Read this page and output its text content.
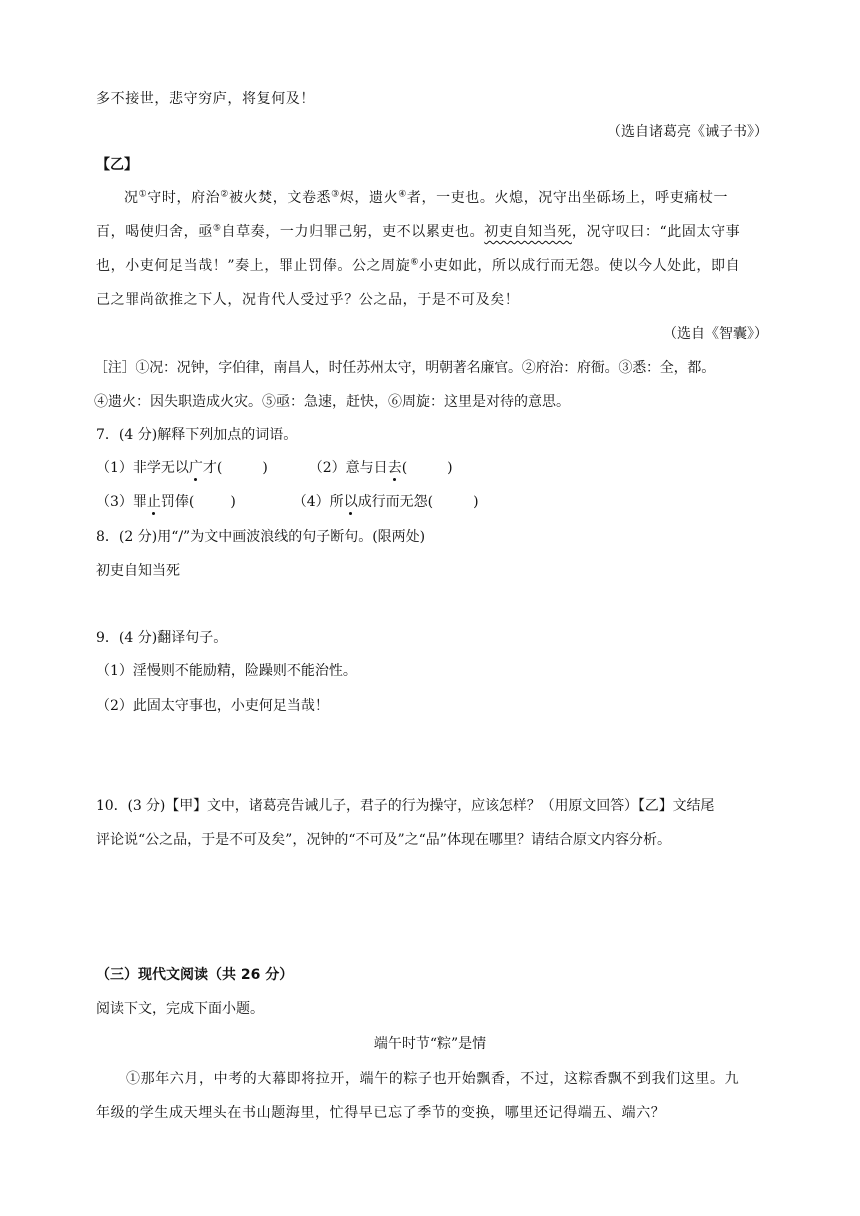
多不接世，悲守穷庐，将复何及！
（选自诸葛亮《诫子书》）
【乙】
况①守时，府治②被火焚，文卷悉③烬，遗火④者，一吏也。火熄，况守出坐砾场上，呼吏痛杖一
百，喝使归舍，亟⑤自草奏，一力归罪己躬，吏不以累吏也。初吏自知当死，况守叹曰：“此固太守事
也，小吏何足当哉！”奏上，罪止罚俸。公之周旋⑥小吏如此，所以成行而无怨。使以今人处此，即自
己之罪尚欲推之下人，况肯代人受过乎？公之品，于是不可及矣！
（选自《智囊》）
［注］①况：况钟，字伯律，南昌人，时任苏州太守，明朝著名廉官。②府治：府衙。③悉：全，都。
④遗火：因失职造成火灾。⑤亟：急速，赶快，⑥周旋：这里是对待的意思。
7．(4 分)解释下列加点的词语。
（1）非学无以广才(	)	（2）意与日去(	)
（3）罪止罚俸(	)	（4）所以成行而无怨(	)
8．(2 分)用“/”为文中画波浪线的句子断句。(限两处)
初吏自知当死
9．(4 分)翻译句子。
（1）淫慢则不能励精，险躁则不能治性。
（2）此固太守事也，小吏何足当哉！
10．(3 分)【甲】文中，诸葛亮告诫儿子，君子的行为操守，应该怎样？（用原文回答）【乙】文结尾
评论说“公之品，于是不可及矣”，况钟的“不可及”之“品”体现在哪里？请结合原文内容分析。
（三）现代文阅读（共 26 分）
阅读下文，完成下面小题。
端午时节“粽”是情
①那年六月，中考的大幕即将拉开，端午的粽子也开始飘香，不过，这粽香飘不到我们这里。九
年级的学生成天埋头在书山题海里，忙得早已忘了季节的变换，哪里还记得端五、端六？
